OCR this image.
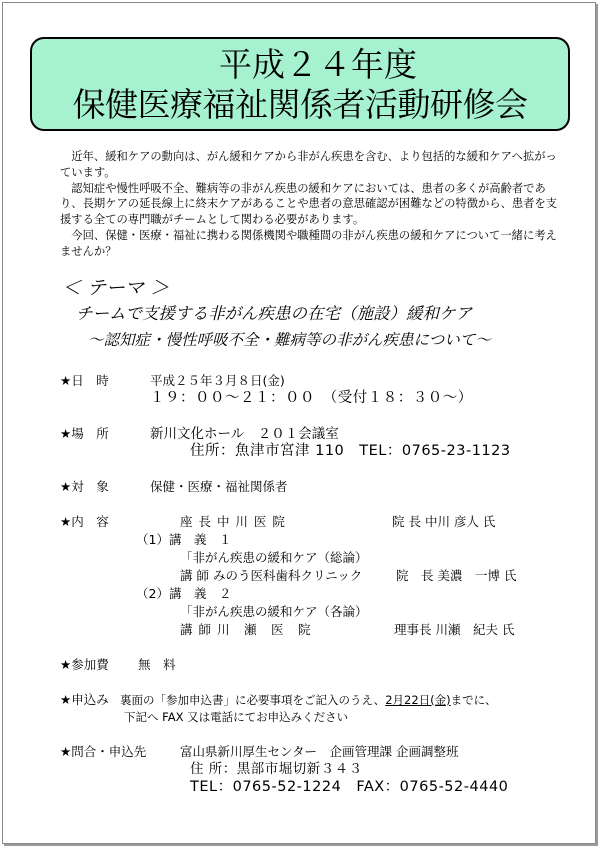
平成２４年度
保健医療福祉関係者活動研修会

近年、緩和ケアの動向は、がん緩和ケアから非がん疾患を含む、より包括的な緩和ケアへ拡がっています。

認知症や慢性呼吸不全、難病等の非がん疾患の緩和ケアにおいては、患者の多くが高齢者であり、長期ケアの延長線上に終末ケアがあることや患者の意思確認が困難などの特徴から、患者を支援する全ての専門職がチームとして関わる必要があります。

今回、保健・医療・福祉に携わる関係機関や職種間の非がん疾患の緩和ケアについて一緒に考えませんか？

＜ テーマ ＞
チームで支援する非がん疾患の在宅（施設）緩和ケア
～認知症・慢性呼吸不全・難病等の非がん疾患について～
★日　時	平成２５年３月８日(金)
１９：００～２１：００　（受付１８：３０～）
★場　所	新川文化ホール　２０１会議室
住所：魚津市宮津 110　TEL：0765-23-1123
★対　象	保健・医療・福祉関係者
★内　容	座 長 中 川 医 院	院 長 中川 彦人 氏
（1）講　義　１
「非がん疾患の緩和ケア（総論）
講 師 みのう医科歯科クリニック	院　長 美濃　一博 氏
（2）講　義　２
「非がん疾患の緩和ケア（各論）
講 師 川　瀬　医　院	理事長 川瀬　紀夫 氏
★参加費 無　料
★申込み 裏面の「参加申込書」に必要事項をご記入のうえ、2月22日(金)までに、
下記へ FAX 又は電話にてお申込みください
★問合・申込先	富山県新川厚生センター　企画管理課 企画調整班
住 所：黒部市堀切新３４３
TEL：0765-52-1224　FAX：0765-52-4440
